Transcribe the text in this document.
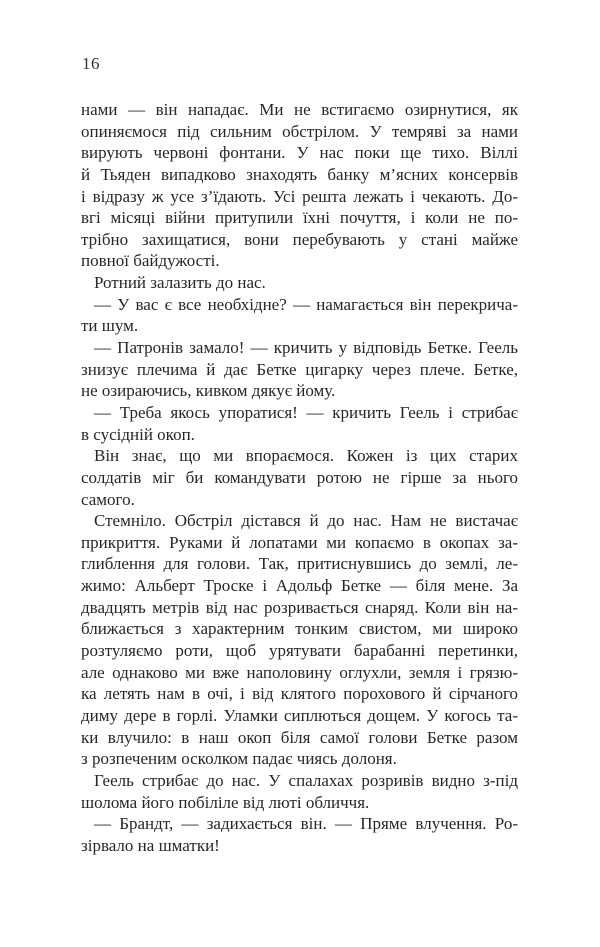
16
нами — він нападає. Ми не встигаємо озирнутися, як
опиняємося під сильним обстрілом. У темряві за нами
вирують червоні фонтани. У нас поки ще тихо. Віллі
й Тьяден випадково знаходять банку м’ясних консервів
і відразу ж усе з’їдають. Усі решта лежать і чекають. До-
вгі місяці війни притупили їхні почуття, і коли не по-
трібно захищатися, вони перебувають у стані майже
повної байдужості.
Ротний залазить до нас.
— У вас є все необхідне? — намагається він перекрича-
ти шум.
— Патронів замало! — кричить у відповідь Бетке. Геель
знизує плечима й дає Бетке цигарку через плече. Бетке,
не озираючись, кивком дякує йому.
— Треба якось упоратися! — кричить Геель і стрибає
в сусідній окоп.
Він знає, що ми впораємося. Кожен із цих старих
солдатів міг би командувати ротою не гірше за нього
самого.
Стемніло. Обстріл дістався й до нас. Нам не вистачає
прикриття. Руками й лопатами ми копаємо в окопах за-
глиблення для голови. Так, притиснувшись до землі, ле-
жимо: Альберт Троске і Адольф Бетке — біля мене. За
двадцять метрів від нас розривається снаряд. Коли він на-
ближається з характерним тонким свистом, ми широко
розтуляємо роти, щоб урятувати барабанні перетинки,
але однаково ми вже наполовину оглухли, земля і грязю-
ка летять нам в очі, і від клятого порохового й сірчаного
диму дере в горлі. Уламки сиплються дощем. У когось та-
ки влучило: в наш окоп біля самої голови Бетке разом
з розпеченим осколком падає чиясь долоня.
Геель стрибає до нас. У спалахах розривів видно з-під
шолома його побіліле від люті обличчя.
— Брандт, — задихається він. — Пряме влучення. Ро-
зірвало на шматки!
